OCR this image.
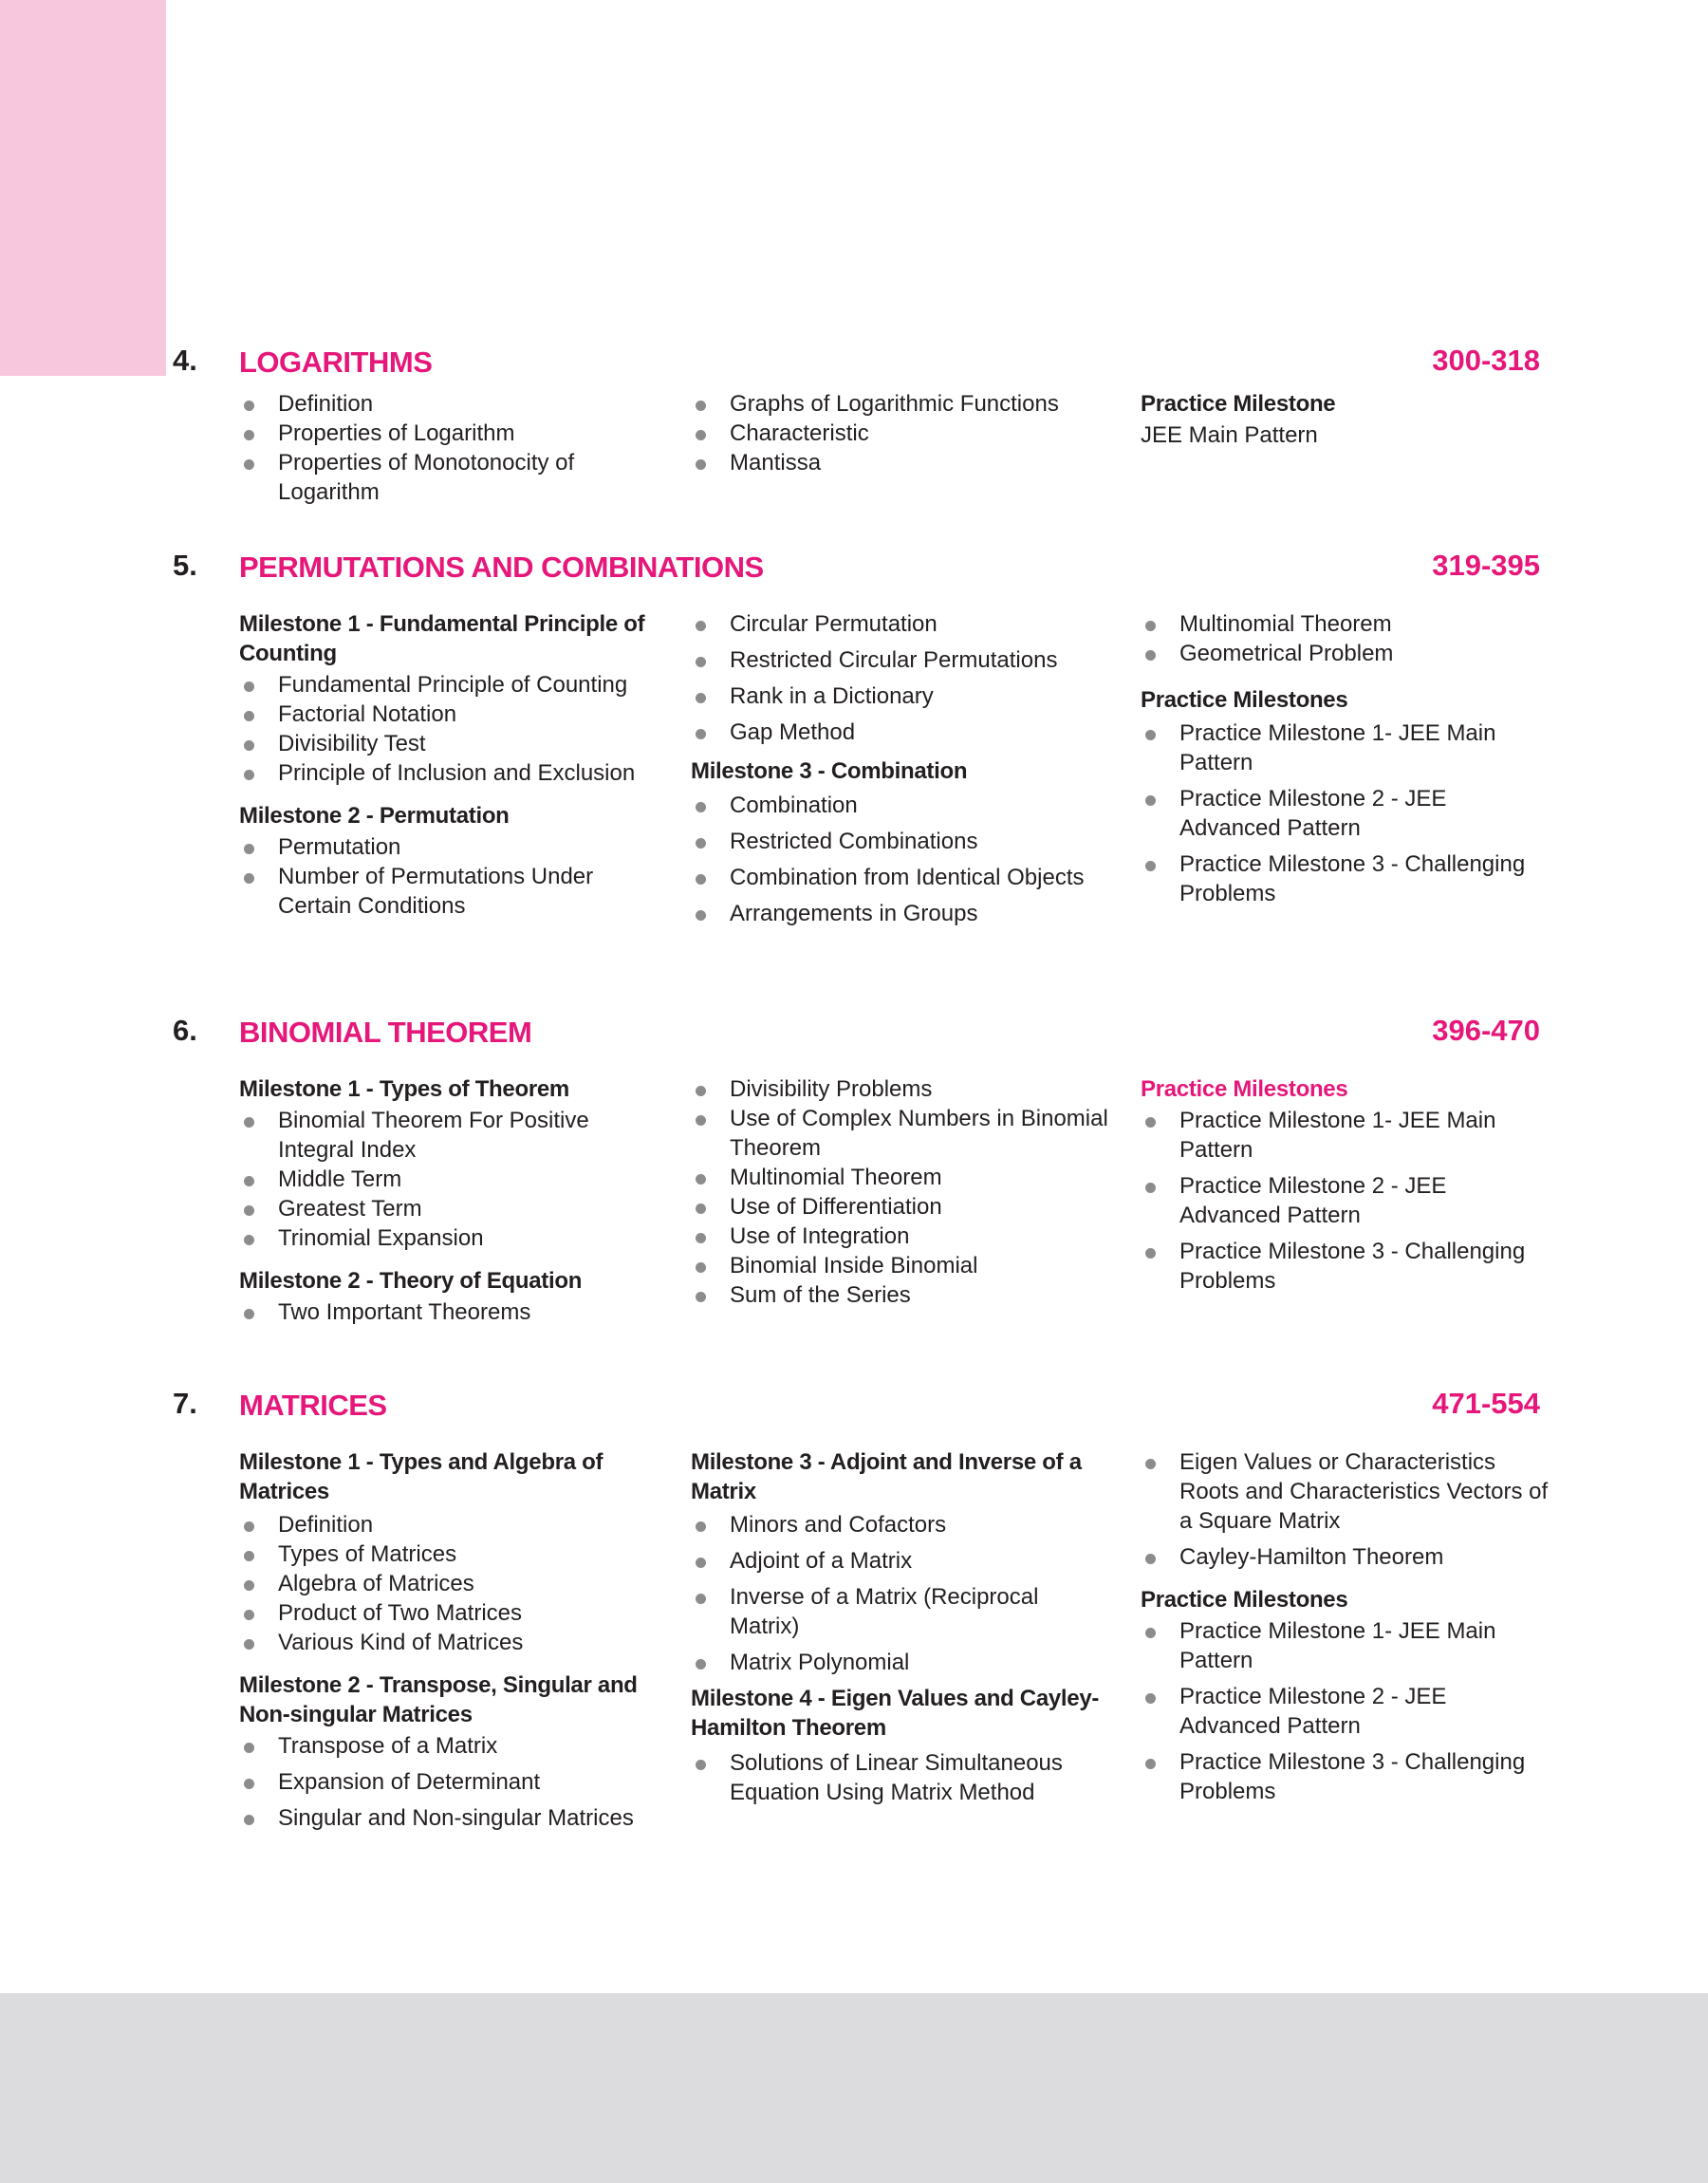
4.	LOGARITHMS	300-318
Definition
Properties of Logarithm
Properties of Monotonocity of Logarithm
Graphs of Logarithmic Functions
Characteristic
Mantissa
Practice Milestone
JEE Main Pattern
5.	PERMUTATIONS AND COMBINATIONS	319-395
Milestone 1 - Fundamental Principle of Counting
Fundamental Principle of Counting
Factorial Notation
Divisibility Test
Principle of Inclusion and Exclusion
Milestone 2 - Permutation
Permutation
Number of Permutations Under Certain Conditions
Circular Permutation
Restricted Circular Permutations
Rank in a Dictionary
Gap Method
Milestone 3 - Combination
Combination
Restricted Combinations
Combination from Identical Objects
Arrangements in Groups
Multinomial Theorem
Geometrical Problem
Practice Milestones
Practice Milestone 1- JEE Main Pattern
Practice Milestone 2 - JEE Advanced Pattern
Practice Milestone 3 - Challenging Problems
6.	BINOMIAL THEOREM	396-470
Milestone 1 - Types of Theorem
Binomial Theorem For Positive Integral Index
Middle Term
Greatest Term
Trinomial Expansion
Milestone 2 - Theory of Equation
Two Important Theorems
Divisibility Problems
Use of Complex Numbers in Binomial Theorem
Multinomial Theorem
Use of Differentiation
Use of Integration
Binomial Inside Binomial
Sum of the Series
Practice Milestones
Practice Milestone 1- JEE Main Pattern
Practice Milestone 2 - JEE Advanced Pattern
Practice Milestone 3 - Challenging Problems
7.	MATRICES	471-554
Milestone 1 - Types and Algebra of Matrices
Definition
Types of Matrices
Algebra of Matrices
Product of Two Matrices
Various Kind of Matrices
Milestone 2 - Transpose, Singular and Non-singular Matrices
Transpose of a Matrix
Expansion of Determinant
Singular and Non-singular Matrices
Milestone 3 - Adjoint and Inverse of a Matrix
Minors and Cofactors
Adjoint of a Matrix
Inverse of a Matrix (Reciprocal Matrix)
Matrix Polynomial
Milestone 4 - Eigen Values and Cayley-Hamilton Theorem
Solutions of Linear Simultaneous Equation Using Matrix Method
Eigen Values or Characteristics Roots and Characteristics Vectors of a Square Matrix
Cayley-Hamilton Theorem
Practice Milestones
Practice Milestone 1- JEE Main Pattern
Practice Milestone 2 - JEE Advanced Pattern
Practice Milestone 3 - Challenging Problems
